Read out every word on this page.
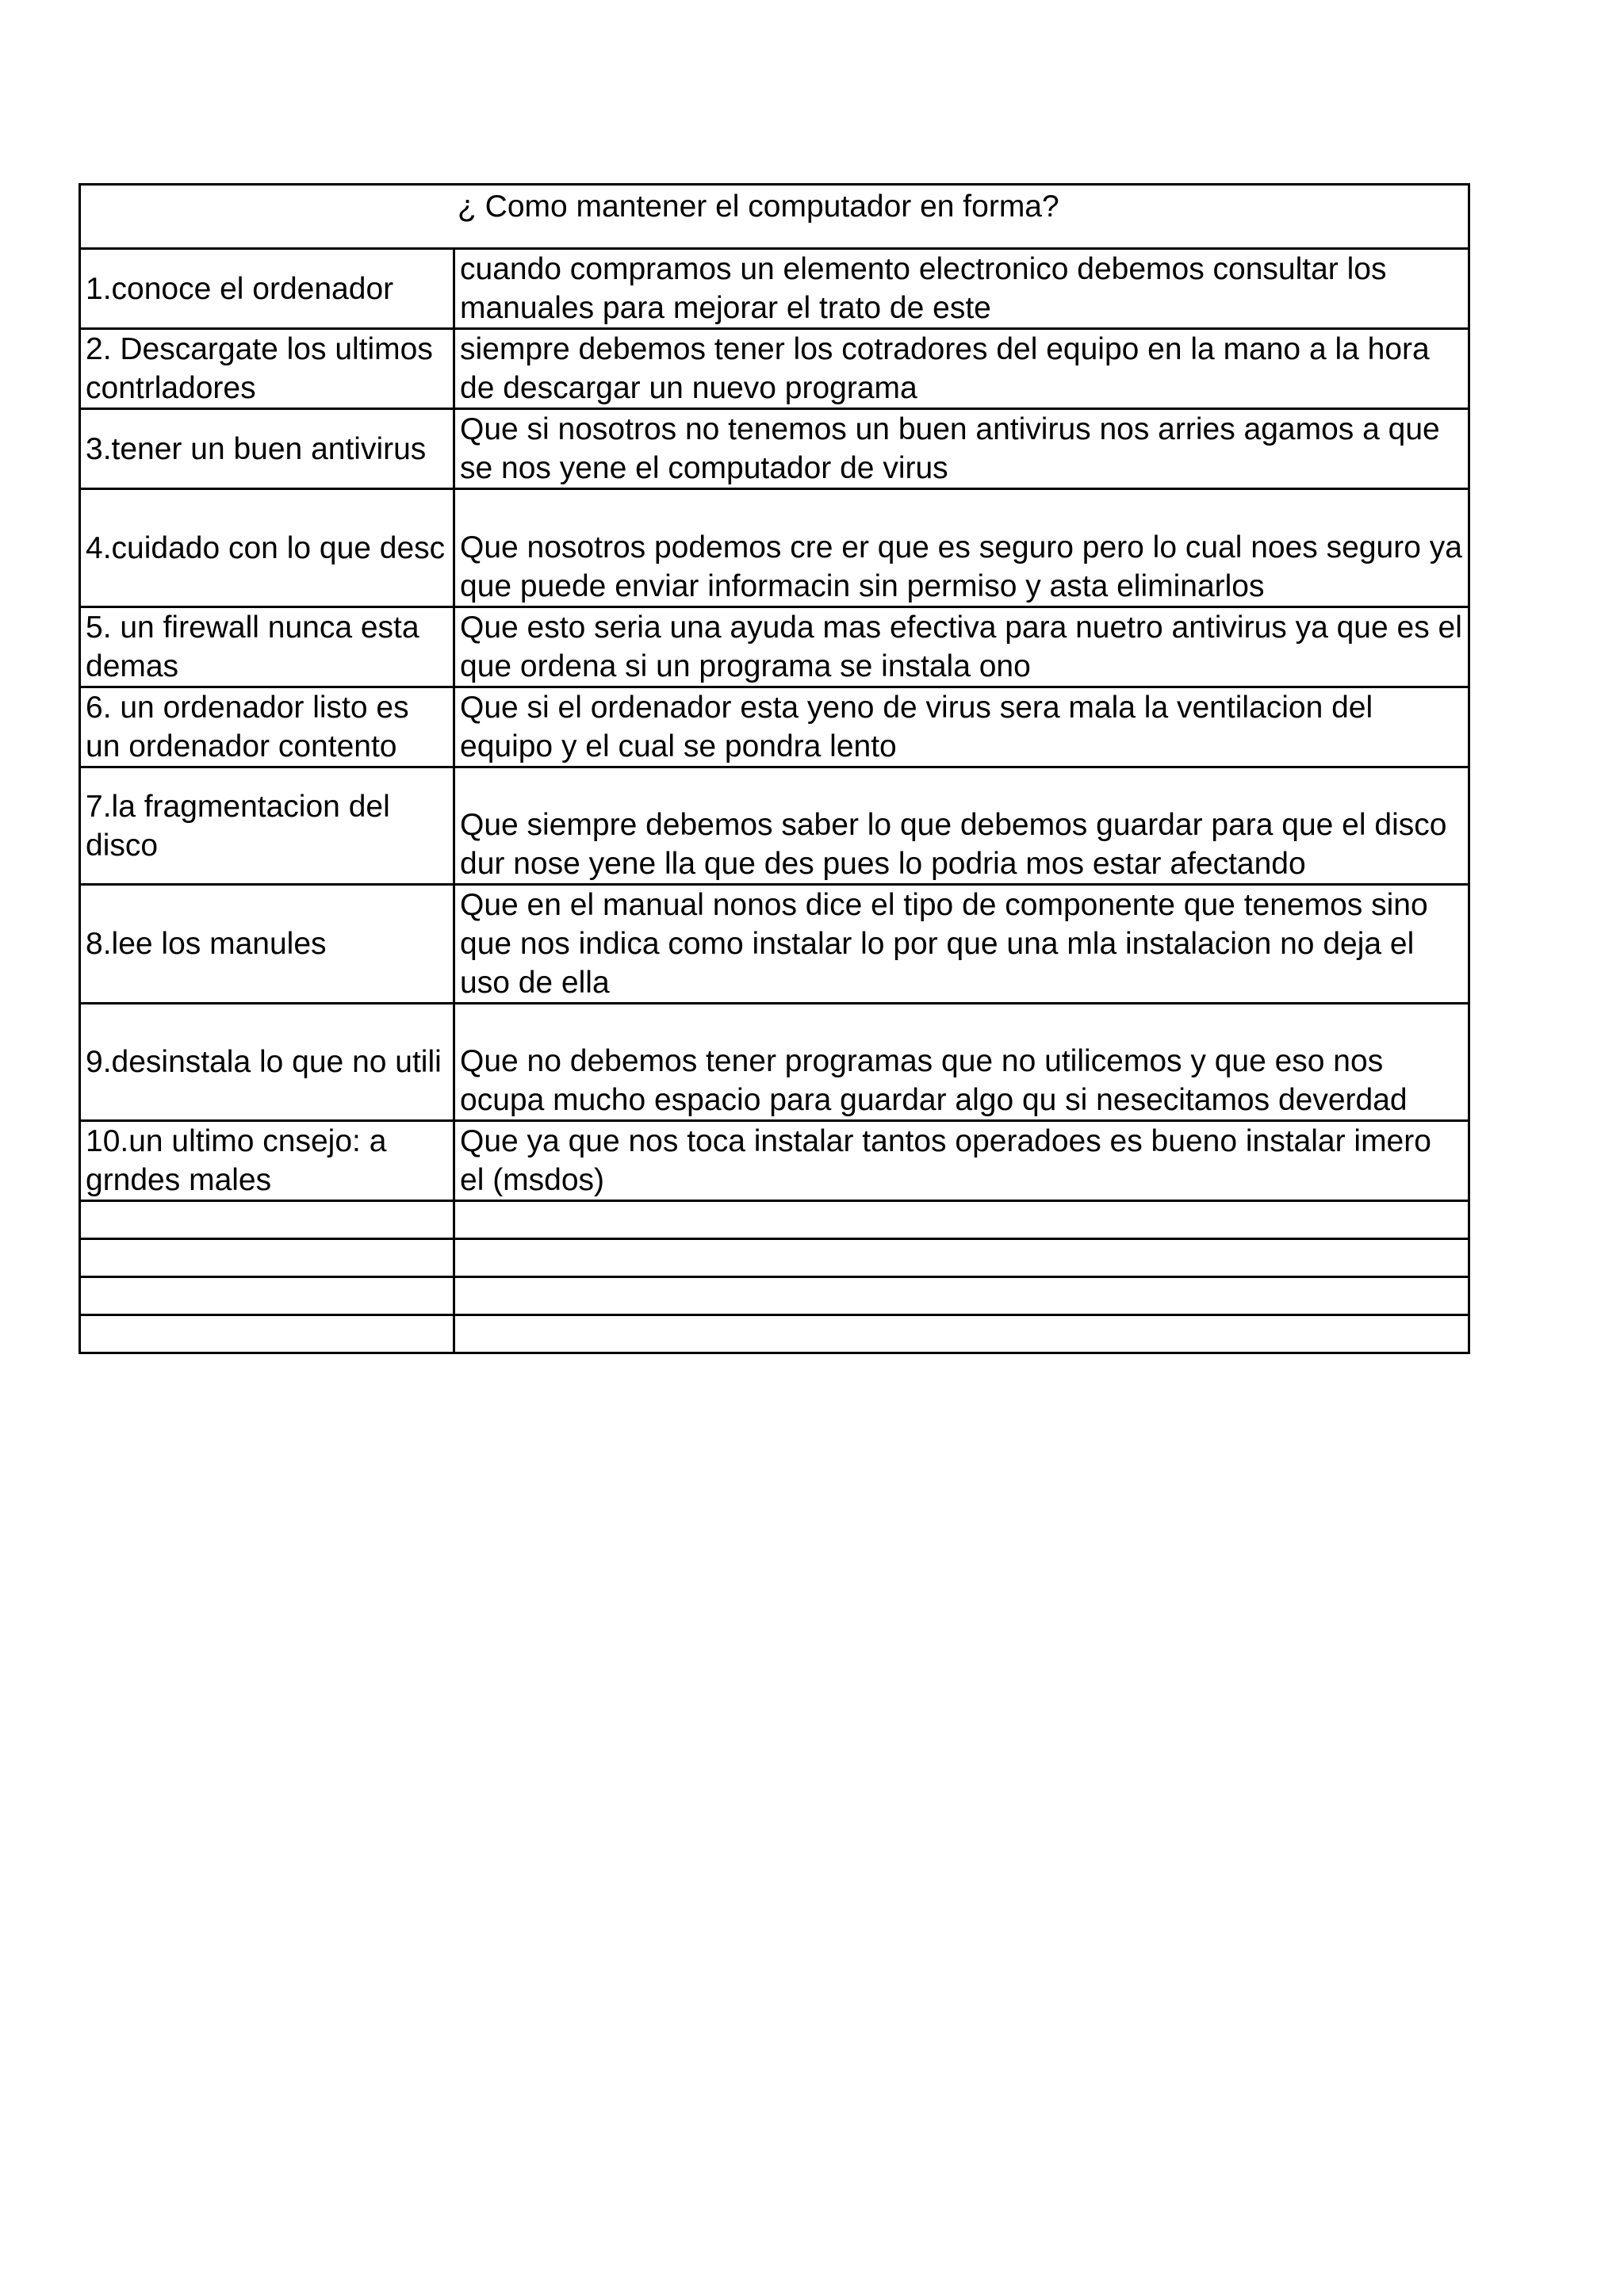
¿ Como mantener el computador en forma?	
1.conoce el ordenador	cuando compramos un elemento electronico debemos consultar los manuales para mejorar el trato de este
2. Descargate los ultimos contrladores	siempre debemos tener los cotradores del equipo en la mano a la hora de descargar un nuevo programa
3.tener un buen antivirus	Que si nosotros no tenemos un buen antivirus nos arries agamos a que se nos yene el computador de virus
4.cuidado con lo que desc	Que nosotros podemos cre er que es seguro pero lo cual noes seguro ya que puede enviar informacin sin permiso y asta eliminarlos
5. un firewall nunca esta demas	Que esto seria una ayuda mas efectiva para nuetro antivirus ya que es el que ordena si un programa se instala ono
6. un ordenador listo es un ordenador contento	Que si el ordenador esta yeno de virus sera mala la ventilacion del equipo y el cual se pondra lento
7.la fragmentacion del disco	Que siempre debemos saber lo que debemos guardar para que el disco dur nose yene lla que des pues lo podria mos estar afectando
8.lee los manules	Que en el manual nonos dice el tipo de componente que tenemos sino que nos indica como instalar lo por que una mla instalacion no deja el uso de ella
9.desinstala lo que no utili	Que no debemos tener programas que no utilicemos y que eso nos ocupa mucho espacio para guardar algo qu si nesecitamos deverdad
10.un ultimo cnsejo: a grndes males	Que ya que nos toca instalar tantos operadoes es bueno instalar imero el (msdos)
